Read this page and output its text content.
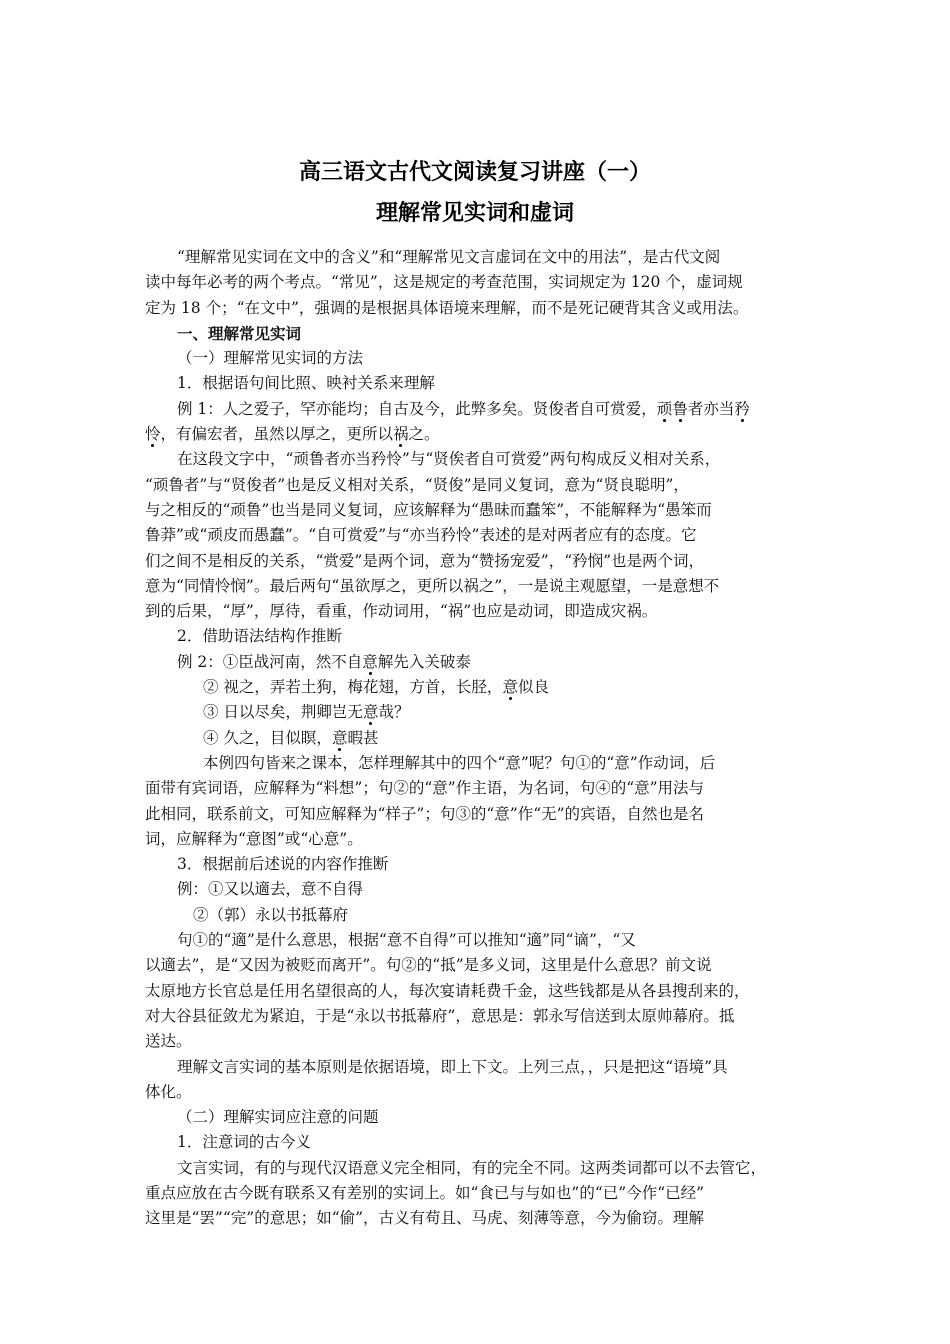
高三语文古代文阅读复习讲座（一）
理解常见实词和虚词

“理解常见实词在文中的含义”和“理解常见文言虚词在文中的用法”，是古代文阅

读中每年必考的两个考点。“常见”，这是规定的考查范围，实词规定为 120 个，虚词规

定为 18 个；“在文中”，强调的是根据具体语境来理解，而不是死记硬背其含义或用法。

一、理解常见实词

（一）理解常见实词的方法

1．根据语句间比照、映衬关系来理解

例 1：人之爱子，罕亦能均；自古及今，此弊多矣。贤俊者自可赏爱，顽鲁者亦当矜

怜，有偏宏者，虽然以厚之，更所以祸之。

在这段文字中，“顽鲁者亦当矜怜”与“贤俟者自可赏爱”两句构成反义相对关系，

“顽鲁者”与“贤俊者”也是反义相对关系，“贤俊”是同义复词，意为“贤良聪明”，

与之相反的“顽鲁”也当是同义复词，应该解释为“愚昧而蠢笨”，不能解释为“愚笨而

鲁莽”或“顽皮而愚蠢”。“自可赏爱”与“亦当矜怜”表述的是对两者应有的态度。它

们之间不是相反的关系，“赏爱”是两个词，意为“赞扬宠爱”，“矜悯”也是两个词，

意为“同情怜悯”。最后两句“虽欲厚之，更所以祸之”，一是说主观愿望，一是意想不

到的后果，“厚”，厚待，看重，作动词用，“祸”也应是动词，即造成灾祸。

2．借助语法结构作推断

例 2：①臣战河南，然不自意解先入关破泰

② 视之，弄若土狗，梅花翅，方首，长胫，意似良

③ 日以尽矣，荆卿岂无意哉？

④ 久之，目似瞑，意暇甚

本例四句皆来之课本，怎样理解其中的四个“意”呢？句①的“意”作动词，后

面带有宾词语，应解释为“料想”；句②的“意”作主语，为名词，句④的“意”用法与

此相同，联系前文，可知应解释为“样子”；句③的“意”作“无”的宾语，自然也是名

词，应解释为“意图”或“心意”。

3．根据前后述说的内容作推断

例：①又以適去，意不自得

②（郭）永以书抵幕府

句①的“適”是什么意思，根据“意不自得”可以推知“適”同“谪”，“又

以適去”，是“又因为被贬而离开”。句②的“抵”是多义词，这里是什么意思？前文说

太原地方长官总是任用名望很高的人，每次宴请耗费千金，这些钱都是从各县搜刮来的，

对大谷县征敛尤为紧迫，于是“永以书抵幕府”，意思是：郭永写信送到太原帅幕府。抵

送达。

理解文言实词的基本原则是依据语境，即上下文。上列三点，，只是把这“语境”具

体化。

（二）理解实词应注意的问题

1．注意词的古今义

文言实词，有的与现代汉语意义完全相同，有的完全不同。这两类词都可以不去管它，

重点应放在古今既有联系又有差别的实词上。如“食已与与如也”的“已”今作“已经”

这里是“罢”“完”的意思；如“偷”，古义有苟且、马虎、刻薄等意，今为偷窃。理解
